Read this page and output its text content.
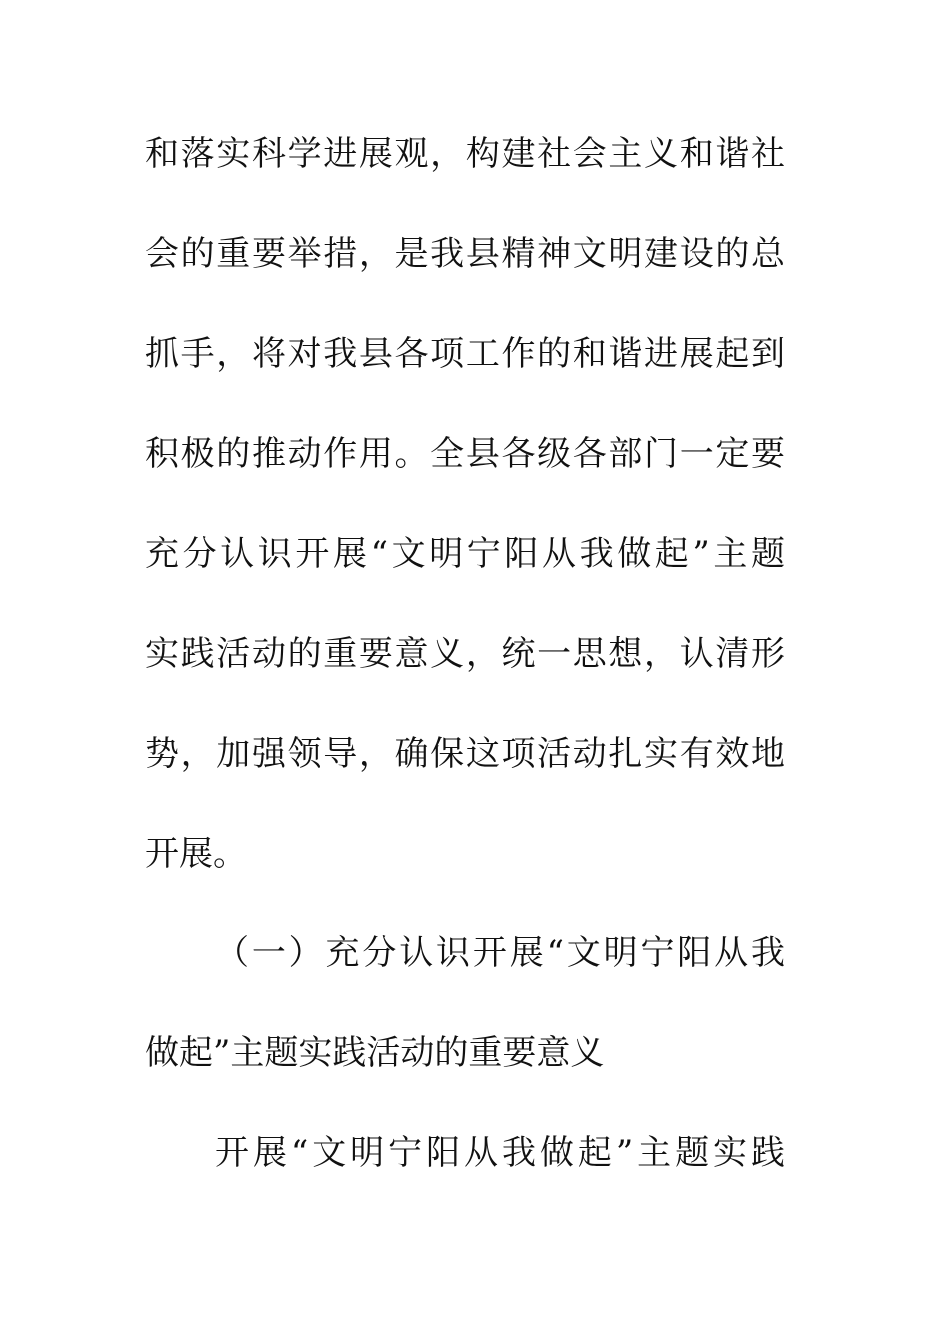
和落实科学进展观，构建社会主义和谐社
会的重要举措，是我县精神文明建设的总
抓手，将对我县各项工作的和谐进展起到
积极的推动作用。全县各级各部门一定要
充分认识开展“文明宁阳从我做起”主题
实践活动的重要意义，统一思想，认清形
势，加强领导，确保这项活动扎实有效地
开展。
（一）充分认识开展“文明宁阳从我
做起”主题实践活动的重要意义
开展“文明宁阳从我做起”主题实践
